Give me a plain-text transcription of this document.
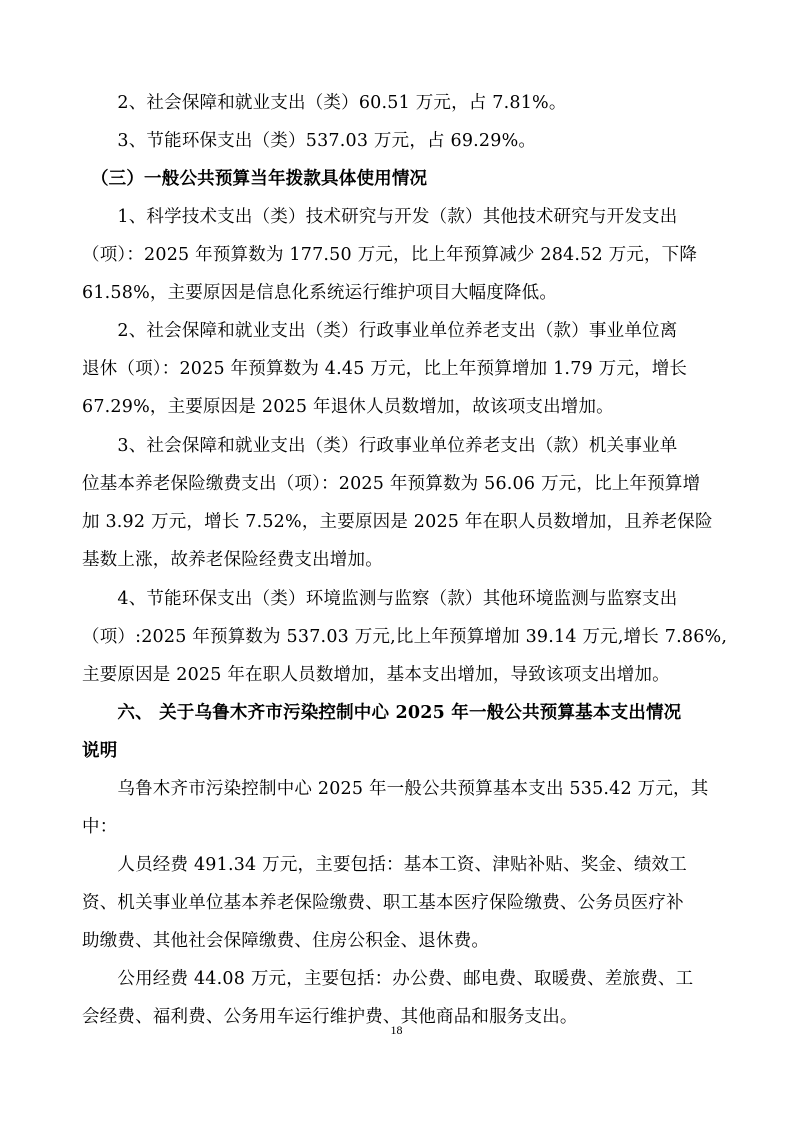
　　2、社会保障和就业支出（类）60.51 万元，占 7.81%。

　　3、节能环保支出（类）537.03 万元，占 69.29%。

　（三）一般公共预算当年拨款具体使用情况

　　1、科学技术支出（类）技术研究与开发（款）其他技术研究与开发支出
（项）：2025 年预算数为 177.50 万元，比上年预算减少 284.52 万元，下降
61.58%，主要原因是信息化系统运行维护项目大幅度降低。

　　2、社会保障和就业支出（类）行政事业单位养老支出（款）事业单位离
退休（项）：2025 年预算数为 4.45 万元，比上年预算增加 1.79 万元，增长
67.29%，主要原因是 2025 年退休人员数增加，故该项支出增加。

　　3、社会保障和就业支出（类）行政事业单位养老支出（款）机关事业单
位基本养老保险缴费支出（项）：2025 年预算数为 56.06 万元，比上年预算增
加 3.92 万元，增长 7.52%，主要原因是 2025 年在职人员数增加，且养老保险
基数上涨，故养老保险经费支出增加。

　　4、节能环保支出（类）环境监测与监察（款）其他环境监测与监察支出
（项）:2025 年预算数为 537.03 万元,比上年预算增加 39.14 万元,增长 7.86%,
主要原因是 2025 年在职人员数增加，基本支出增加，导致该项支出增加。

　　六、 关于乌鲁木齐市污染控制中心 2025 年一般公共预算基本支出情况
说明

　　乌鲁木齐市污染控制中心 2025 年一般公共预算基本支出 535.42 万元，其
中：

　　人员经费 491.34 万元，主要包括：基本工资、津贴补贴、奖金、绩效工
资、机关事业单位基本养老保险缴费、职工基本医疗保险缴费、公务员医疗补
助缴费、其他社会保障缴费、住房公积金、退休费。

　　公用经费 44.08 万元，主要包括：办公费、邮电费、取暖费、差旅费、工
会经费、福利费、公务用车运行维护费、其他商品和服务支出。

18
